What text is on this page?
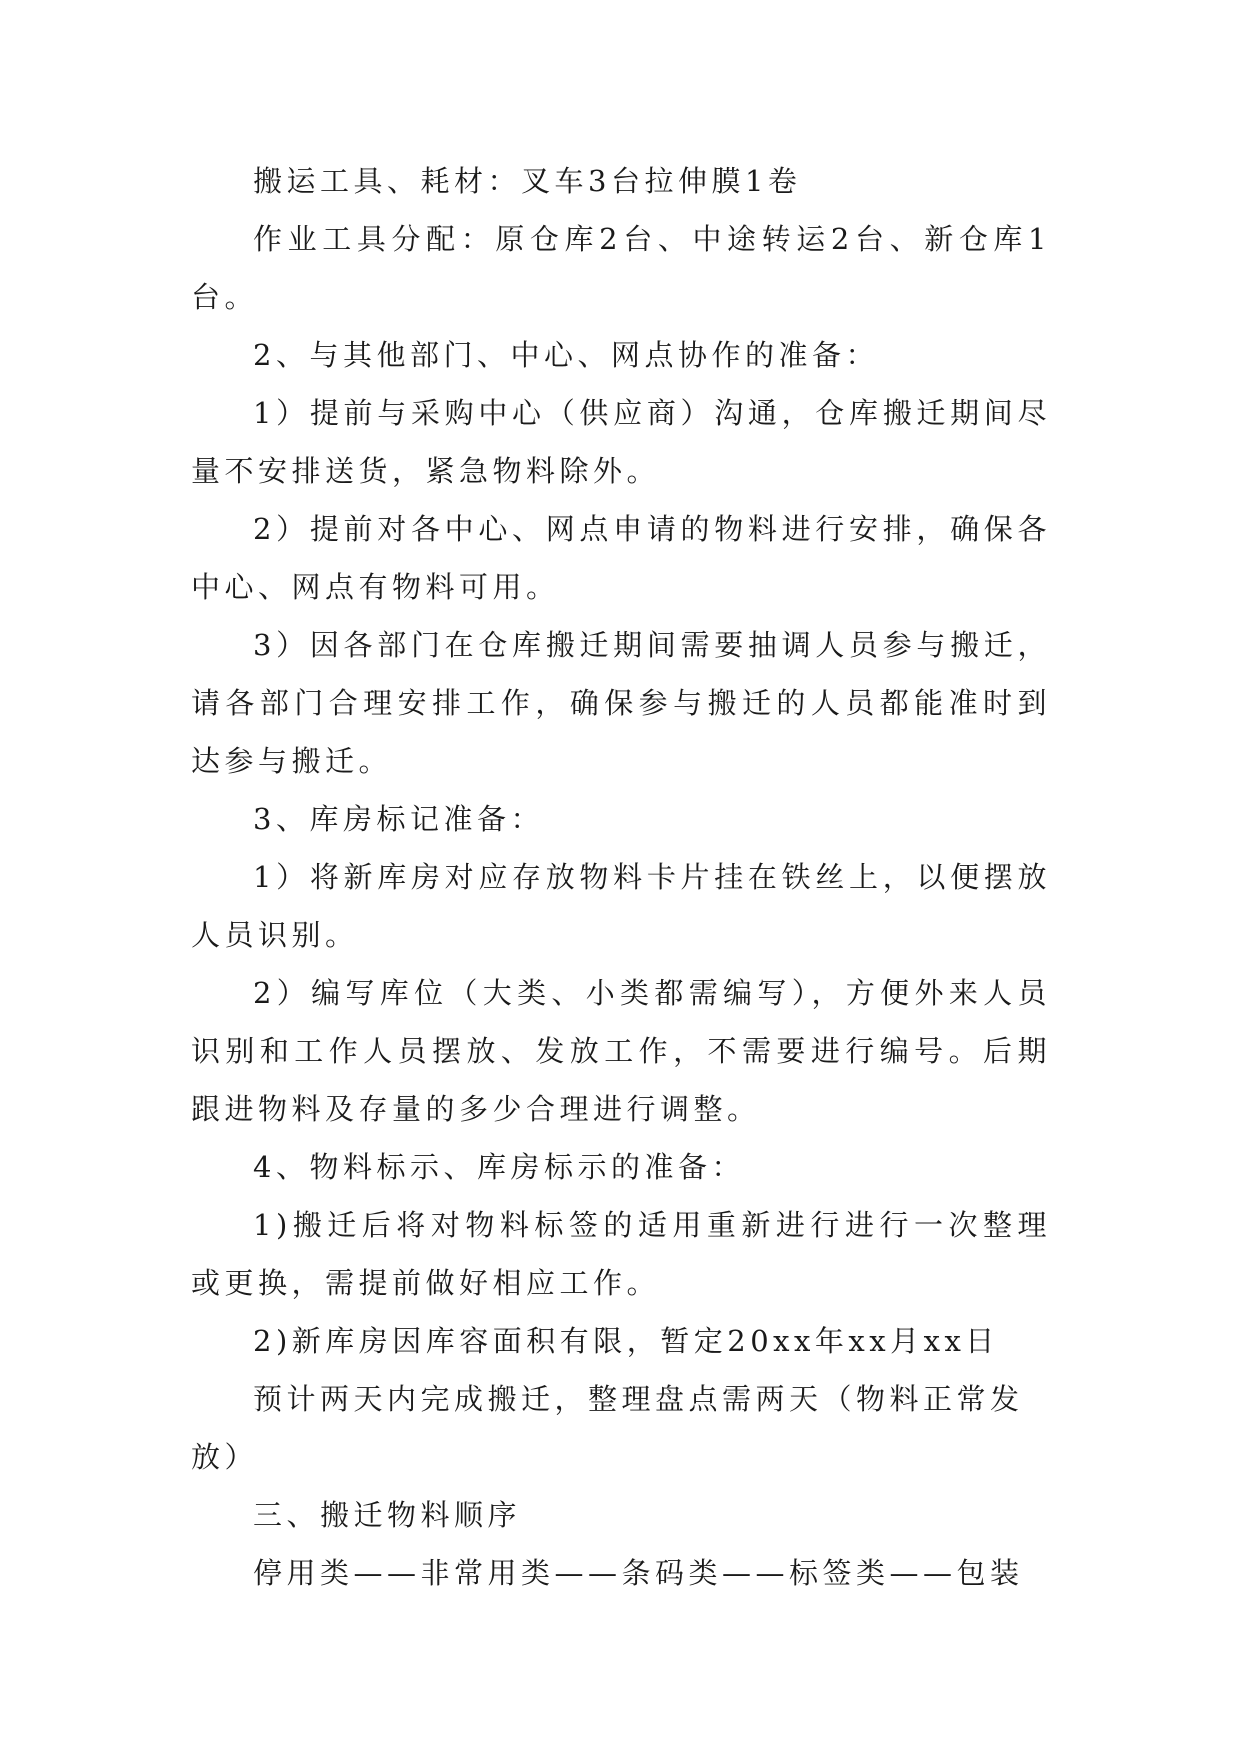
搬运工具、耗材：叉车3台拉伸膜1卷

作业工具分配：原仓库2台、中途转运2台、新仓库1台。

2、与其他部门、中心、网点协作的准备：

1）提前与采购中心（供应商）沟通，仓库搬迁期间尽量不安排送货，紧急物料除外。

2）提前对各中心、网点申请的物料进行安排，确保各中心、网点有物料可用。

3）因各部门在仓库搬迁期间需要抽调人员参与搬迁，请各部门合理安排工作，确保参与搬迁的人员都能准时到达参与搬迁。

3、库房标记准备：

1）将新库房对应存放物料卡片挂在铁丝上，以便摆放人员识别。

2）编写库位（大类、小类都需编写），方便外来人员识别和工作人员摆放、发放工作，不需要进行编号。后期跟进物料及存量的多少合理进行调整。

4、物料标示、库房标示的准备：

1)搬迁后将对物料标签的适用重新进行进行一次整理或更换，需提前做好相应工作。

2)新库房因库容面积有限，暂定20xx年xx月xx日

预计两天内完成搬迁，整理盘点需两天（物料正常发放）

三、搬迁物料顺序

停用类——非常用类——条码类——标签类——包装
